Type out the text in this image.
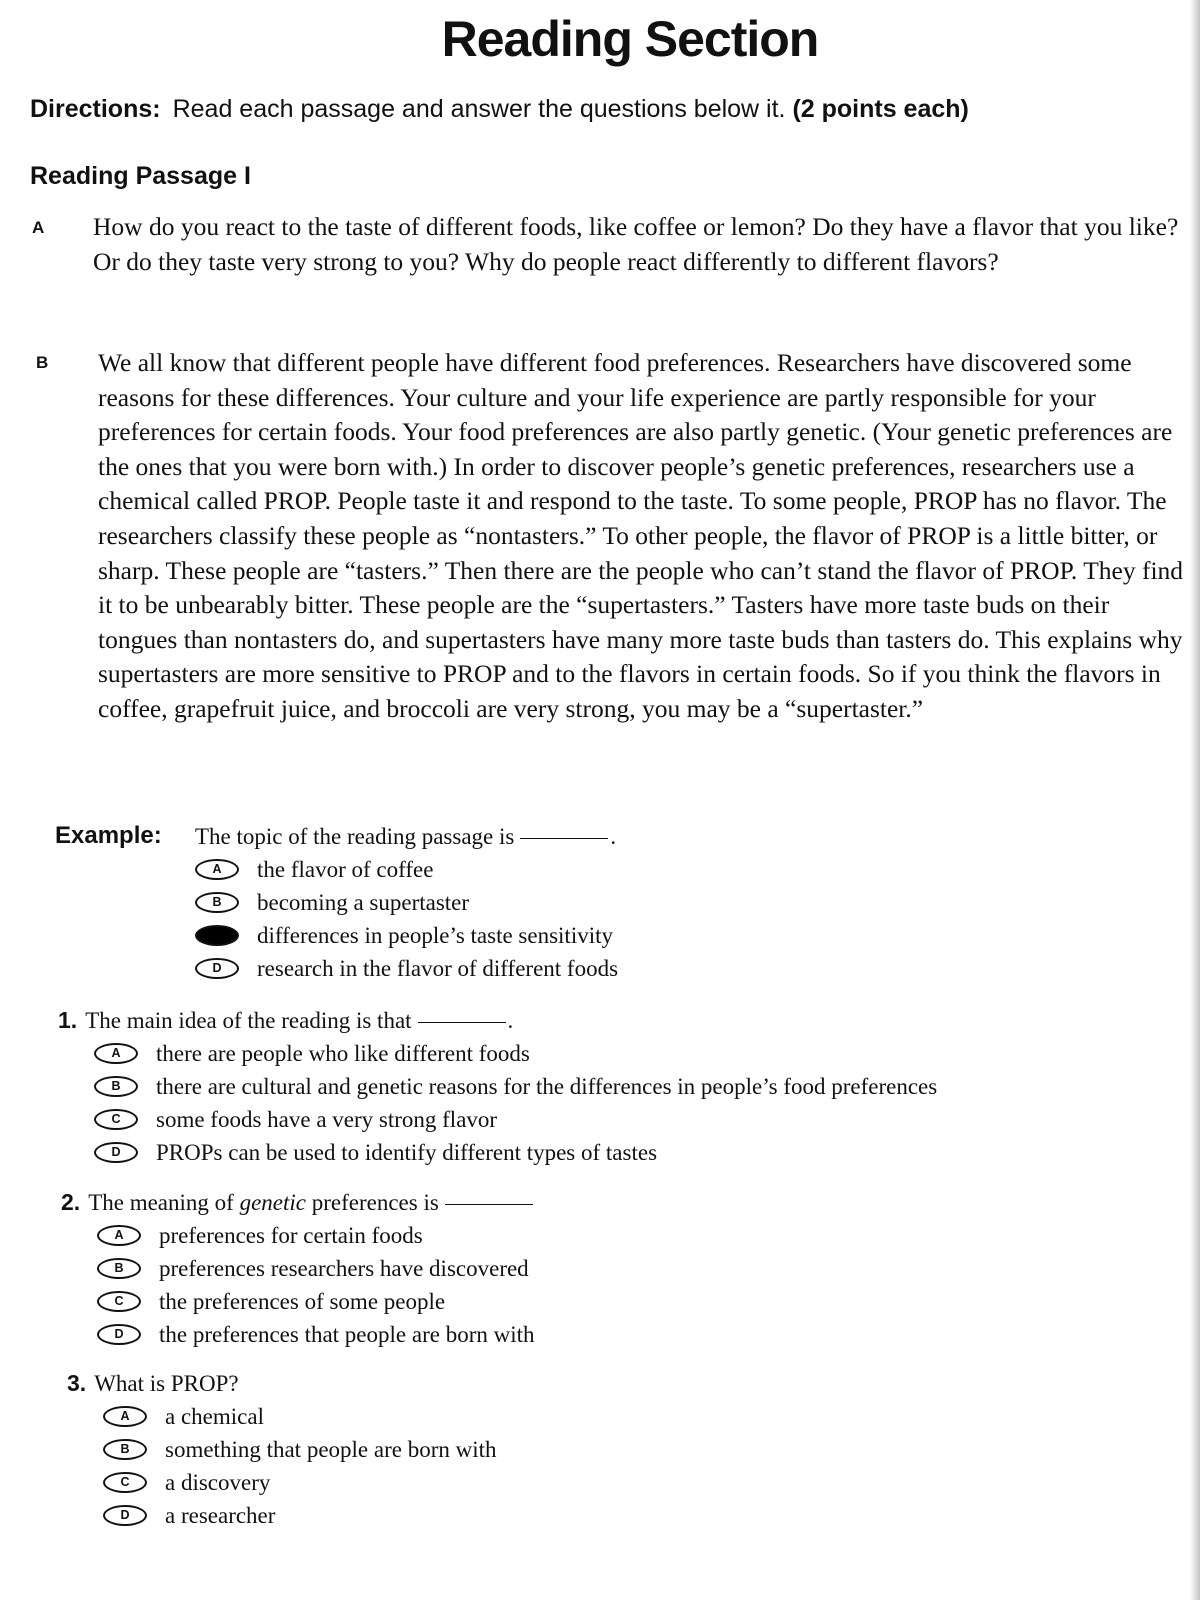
Reading Section
Directions: Read each passage and answer the questions below it. (2 points each)
Reading Passage I
A How do you react to the taste of different foods, like coffee or lemon? Do they have a flavor that you like? Or do they taste very strong to you? Why do people react differently to different flavors?

B We all know that different people have different food preferences. Researchers have discovered some reasons for these differences. Your culture and your life experience are partly responsible for your preferences for certain foods. Your food preferences are also partly genetic. (Your genetic preferences are the ones that you were born with.) In order to discover people’s genetic preferences, researchers use a chemical called PROP. People taste it and respond to the taste. To some people, PROP has no flavor. The researchers classify these people as “nontasters.” To other people, the flavor of PROP is a little bitter, or sharp. These people are “tasters.” Then there are the people who can’t stand the flavor of PROP. They find it to be unbearably bitter. These people are the “supertasters.” Tasters have more taste buds on their tongues than nontasters do, and supertasters have many more taste buds than tasters do. This explains why supertasters are more sensitive to PROP and to the flavors in certain foods. So if you think the flavors in coffee, grapefruit juice, and broccoli are very strong, you may be a “supertaster.”

Example: The topic of the reading passage is	.
A	the flavor of coffee
B	becoming a supertaster
C	differences in people’s taste sensitivity
D	research in the flavor of different foods
1. The main idea of the reading is that	.
A	there are people who like different foods
B	there are cultural and genetic reasons for the differences in people’s food preferences
C	some foods have a very strong flavor
D	PROPs can be used to identify different types of tastes
2. The meaning of genetic preferences is
A	preferences for certain foods
B	preferences researchers have discovered
C	the preferences of some people
D	the preferences that people are born with
3. What is PROP?
A	a chemical
B	something that people are born with
C	a discovery
D	a researcher
